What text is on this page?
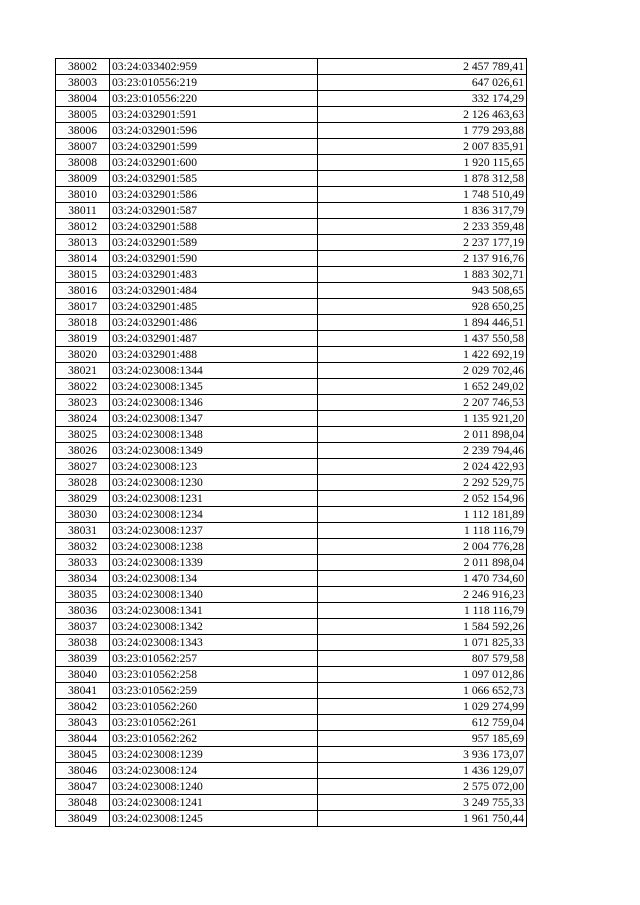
38002	03:24:033402:959	2 457 789,41
38003	03:23:010556:219	647 026,61
38004	03:23:010556:220	332 174,29
38005	03:24:032901:591	2 126 463,63
38006	03:24:032901:596	1 779 293,88
38007	03:24:032901:599	2 007 835,91
38008	03:24:032901:600	1 920 115,65
38009	03:24:032901:585	1 878 312,58
38010	03:24:032901:586	1 748 510,49
38011	03:24:032901:587	1 836 317,79
38012	03:24:032901:588	2 233 359,48
38013	03:24:032901:589	2 237 177,19
38014	03:24:032901:590	2 137 916,76
38015	03:24:032901:483	1 883 302,71
38016	03:24:032901:484	943 508,65
38017	03:24:032901:485	928 650,25
38018	03:24:032901:486	1 894 446,51
38019	03:24:032901:487	1 437 550,58
38020	03:24:032901:488	1 422 692,19
38021	03:24:023008:1344	2 029 702,46
38022	03:24:023008:1345	1 652 249,02
38023	03:24:023008:1346	2 207 746,53
38024	03:24:023008:1347	1 135 921,20
38025	03:24:023008:1348	2 011 898,04
38026	03:24:023008:1349	2 239 794,46
38027	03:24:023008:123	2 024 422,93
38028	03:24:023008:1230	2 292 529,75
38029	03:24:023008:1231	2 052 154,96
38030	03:24:023008:1234	1 112 181,89
38031	03:24:023008:1237	1 118 116,79
38032	03:24:023008:1238	2 004 776,28
38033	03:24:023008:1339	2 011 898,04
38034	03:24:023008:134	1 470 734,60
38035	03:24:023008:1340	2 246 916,23
38036	03:24:023008:1341	1 118 116,79
38037	03:24:023008:1342	1 584 592,26
38038	03:24:023008:1343	1 071 825,33
38039	03:23:010562:257	807 579,58
38040	03:23:010562:258	1 097 012,86
38041	03:23:010562:259	1 066 652,73
38042	03:23:010562:260	1 029 274,99
38043	03:23:010562:261	612 759,04
38044	03:23:010562:262	957 185,69
38045	03:24:023008:1239	3 936 173,07
38046	03:24:023008:124	1 436 129,07
38047	03:24:023008:1240	2 575 072,00
38048	03:24:023008:1241	3 249 755,33
38049	03:24:023008:1245	1 961 750,44
